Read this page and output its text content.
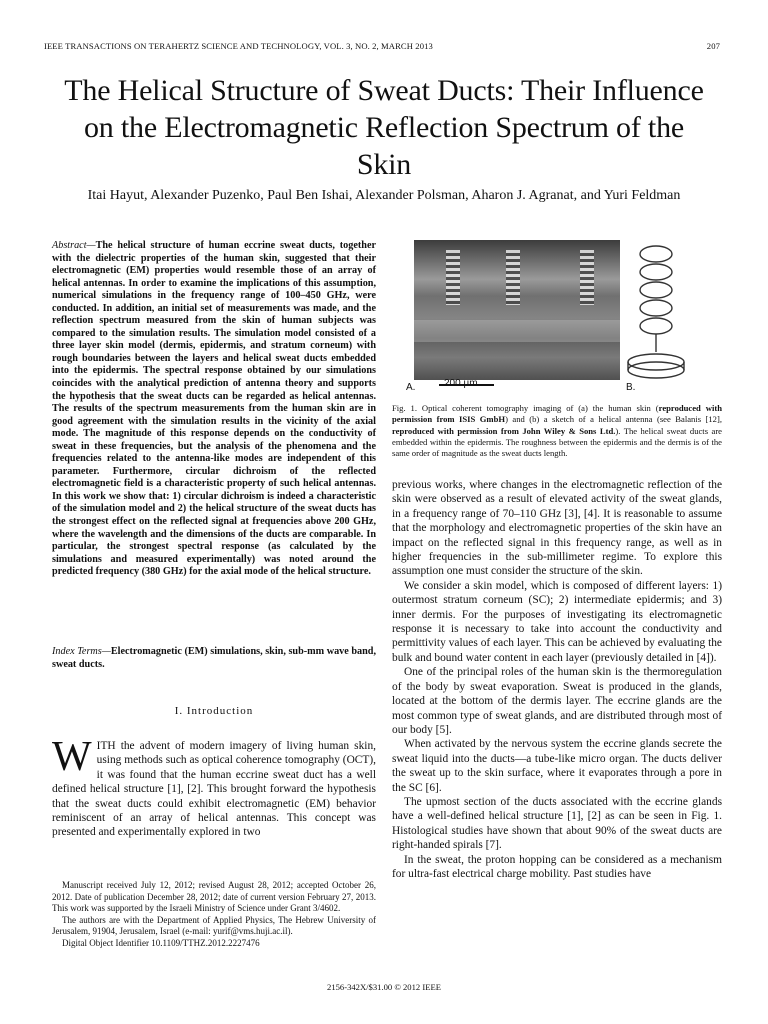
IEEE TRANSACTIONS ON TERAHERTZ SCIENCE AND TECHNOLOGY, VOL. 3, NO. 2, MARCH 2013	207
The Helical Structure of Sweat Ducts: Their Influence on the Electromagnetic Reflection Spectrum of the Skin
Itai Hayut, Alexander Puzenko, Paul Ben Ishai, Alexander Polsman, Aharon J. Agranat, and Yuri Feldman
Abstract—The helical structure of human eccrine sweat ducts, together with the dielectric properties of the human skin, suggested that their electromagnetic (EM) properties would resemble those of an array of helical antennas. In order to examine the implications of this assumption, numerical simulations in the frequency range of 100–450 GHz, were conducted. In addition, an initial set of measurements was made, and the reflection spectrum measured from the skin of human subjects was compared to the simulation results. The simulation model consisted of a three layer skin model (dermis, epidermis, and stratum corneum) with rough boundaries between the layers and helical sweat ducts embedded into the epidermis. The spectral response obtained by our simulations coincides with the analytical prediction of antenna theory and supports the hypothesis that the sweat ducts can be regarded as helical antennas. The results of the spectrum measurements from the human skin are in good agreement with the simulation results in the vicinity of the axial mode. The magnitude of this response depends on the conductivity of sweat in these frequencies, but the analysis of the phenomena and the frequencies related to the antenna-like modes are independent of this parameter. Furthermore, circular dichroism of the reflected electromagnetic field is a characteristic property of such helical antennas. In this work we show that: 1) circular dichroism is indeed a characteristic of the simulation model and 2) the helical structure of the sweat ducts has the strongest effect on the reflected signal at frequencies above 200 GHz, where the wavelength and the dimensions of the ducts are comparable. In particular, the strongest spectral response (as calculated by the simulations and measured experimentally) was noted around the predicted frequency (380 GHz) for the axial mode of the helical structure.
Index Terms—Electromagnetic (EM) simulations, skin, sub-mm wave band, sweat ducts.
I. Introduction
WITH the advent of modern imagery of living human skin, using methods such as optical coherence tomography (OCT), it was found that the human eccrine sweat duct has a well defined helical structure [1], [2]. This brought forward the hypothesis that the sweat ducts could exhibit electromagnetic (EM) behavior reminiscent of an array of helical antennas. This concept was presented and experimentally explored in two

Manuscript received July 12, 2012; revised August 28, 2012; accepted October 26, 2012. Date of publication December 28, 2012; date of current version February 27, 2013. This work was supported by the Israeli Ministry of Science under Grant 3/4602.

The authors are with the Department of Applied Physics, The Hebrew University of Jerusalem, 91904, Jerusalem, Israel (e-mail: yurif@vms.huji.ac.il).

Digital Object Identifier 10.1109/TTHZ.2012.2227476

A.	B.
Fig. 1. Optical coherent tomography imaging of (a) the human skin (reproduced with permission from ISIS GmbH) and (b) a sketch of a helical antenna (see Balanis [12], reproduced with permission from John Wiley & Sons Ltd.). The helical sweat ducts are embedded within the epidermis. The roughness between the epidermis and the dermis is of the same order of magnitude as the sweat ducts length.

previous works, where changes in the electromagnetic reflection of the skin were observed as a result of elevated activity of the sweat glands, in a frequency range of 70–110 GHz [3], [4]. It is reasonable to assume that the morphology and electromagnetic properties of the skin have an impact on the reflected signal in this frequency range, as well as in higher frequencies in the sub-millimeter regime. To explore this assumption one must consider the structure of the skin.

We consider a skin model, which is composed of different layers: 1) outermost stratum corneum (SC); 2) intermediate epidermis; and 3) inner dermis. For the purposes of investigating its electromagnetic response it is necessary to take into account the conductivity and permittivity values of each layer. This can be achieved by evaluating the bulk and bound water content in each layer (previously detailed in [4]).

One of the principal roles of the human skin is the thermoregulation of the body by sweat evaporation. Sweat is produced in the glands, located at the bottom of the dermis layer. The eccrine glands are the most common type of sweat glands, and are distributed through most of our body [5].

When activated by the nervous system the eccrine glands secrete the sweat liquid into the ducts—a tube-like micro organ. The ducts deliver the sweat up to the skin surface, where it evaporates through a pore in the SC [6].

The upmost section of the ducts associated with the eccrine glands have a well-defined helical structure [1], [2] as can be seen in Fig. 1. Histological studies have shown that about 90% of the sweat ducts are right-handed spirals [7].

In the sweat, the proton hopping can be considered as a mechanism for ultra-fast electrical charge mobility. Past studies have

2156-342X/$31.00 © 2012 IEEE
